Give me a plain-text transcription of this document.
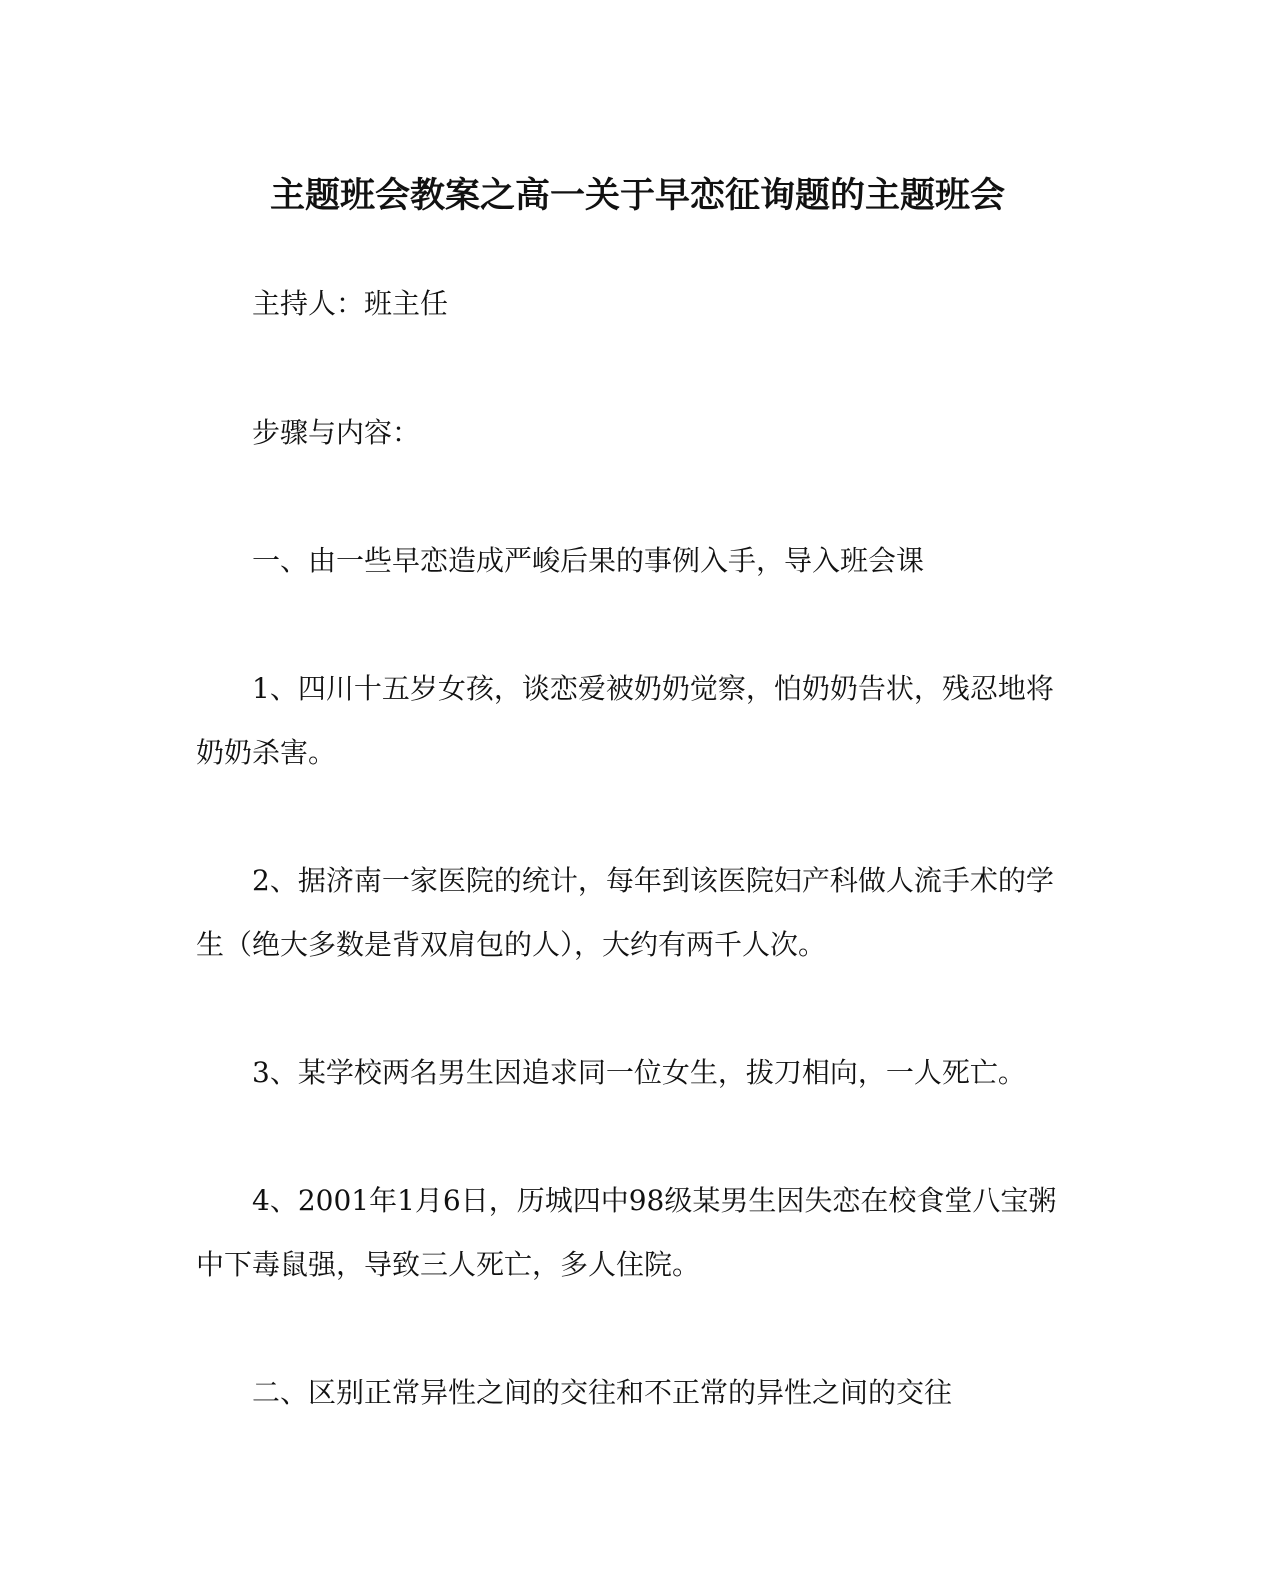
主题班会教案之高一关于早恋征询题的主题班会

主持人：班主任

步骤与内容：

一、由一些早恋造成严峻后果的事例入手，导入班会课

1、四川十五岁女孩，谈恋爱被奶奶觉察，怕奶奶告状，残忍地将奶奶杀害。

2、据济南一家医院的统计，每年到该医院妇产科做人流手术的学生（绝大多数是背双肩包的人），大约有两千人次。

3、某学校两名男生因追求同一位女生，拔刀相向，一人死亡。

4、2001年1月6日，历城四中98级某男生因失恋在校食堂八宝粥中下毒鼠强，导致三人死亡，多人住院。

二、区别正常异性之间的交往和不正常的异性之间的交往
